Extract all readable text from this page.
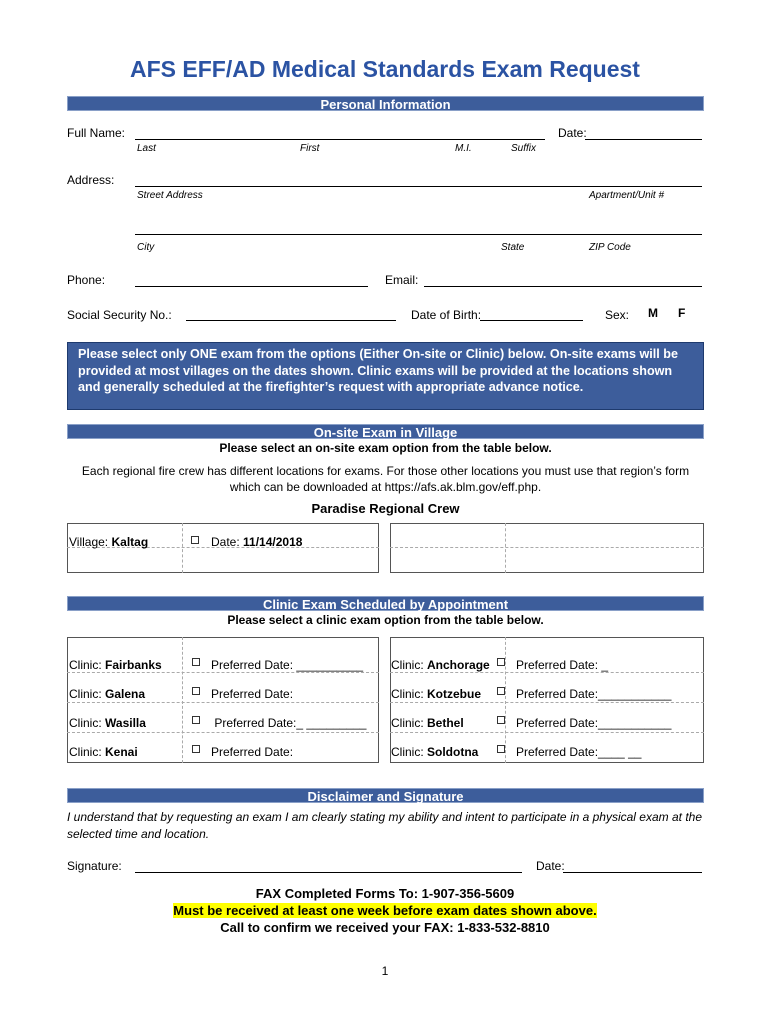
AFS EFF/AD Medical Standards Exam Request
Personal Information
Full Name:	Date:
Last	First	M.I.	Suffix
Address:
Street Address	Apartment/Unit #
City	State	ZIP Code
Phone:	Email:
Social Security No.:	Date of Birth:	Sex: M F
Please select only ONE exam from the options (Either On-site or Clinic) below. On-site exams will be provided at most villages on the dates shown. Clinic exams will be provided at the locations shown and generally scheduled at the firefighter’s request with appropriate advance notice.
On-site Exam in Village
Please select an on-site exam option from the table below.
Each regional fire crew has different locations for exams. For those other locations you must use that region’s form which can be downloaded at https://afs.ak.blm.gov/eff.php.
Paradise Regional Crew
Village: Kaltag	Date: 11/14/2018
Clinic Exam Scheduled by Appointment
Please select a clinic exam option from the table below.
Clinic: Fairbanks	Preferred Date: __________ Clinic: Anchorage Preferred Date: _
Clinic: Galena	Preferred Date:	Clinic: Kotzebue	Preferred Date:___________
Clinic: Wasilla	Preferred Date:_ _________ Clinic: Bethel	Preferred Date:___________
Clinic: Kenai	Preferred Date:	Clinic: Soldotna	Preferred Date:____ __
Disclaimer and Signature
I understand that by requesting an exam I am clearly stating my ability and intent to participate in a physical exam at the selected time and location.
Signature:	Date:
FAX Completed Forms To: 1-907-356-5609
Must be received at least one week before exam dates shown above.
Call to confirm we received your FAX: 1-833-532-8810
1
